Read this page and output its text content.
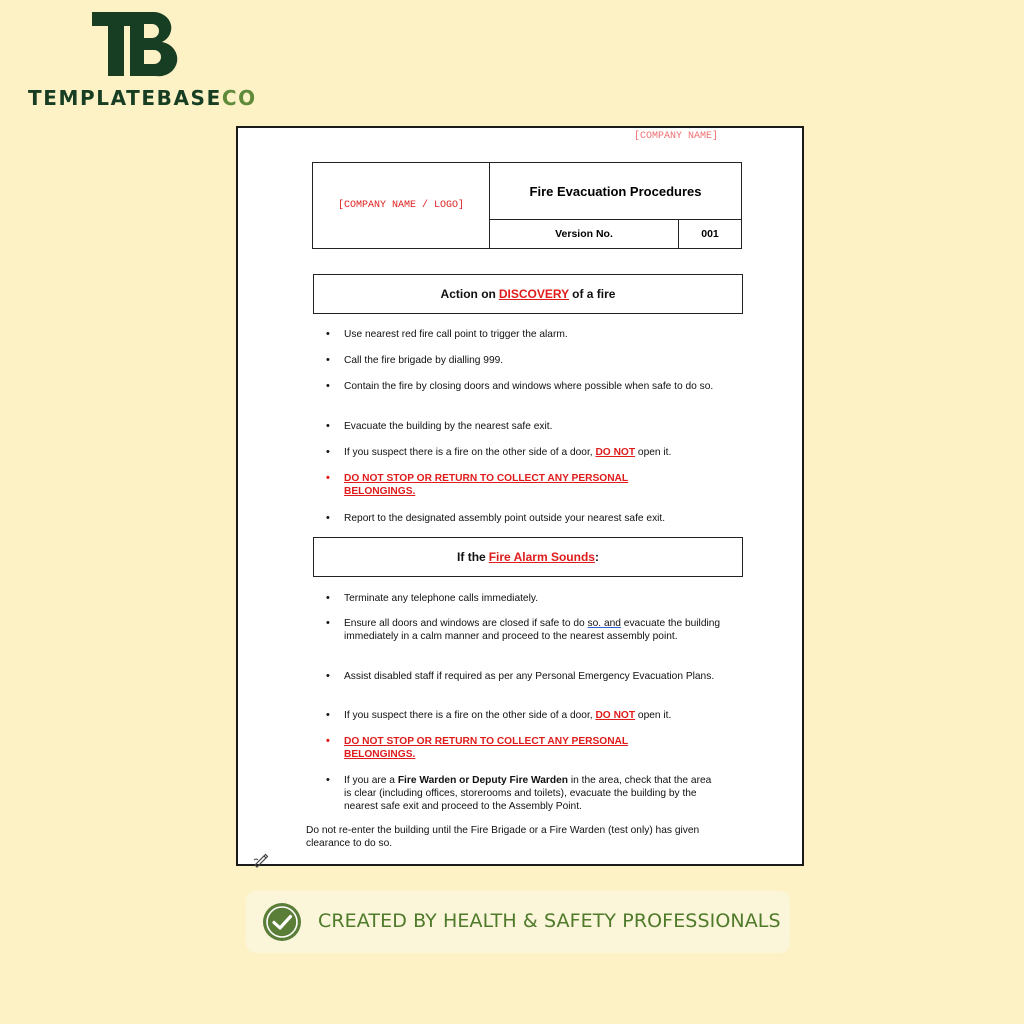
TEMPLATEBASECO
[COMPANY NAME]
[COMPANY NAME / LOGO]	Fire Evacuation Procedures	
	Version No.	001
Action on DISCOVERY of a fire
• Use nearest red fire call point to trigger the alarm.
• Call the fire brigade by dialling 999.
• Contain the fire by closing doors and windows where possible when safe to do so.
• Evacuate the building by the nearest safe exit.
• If you suspect there is a fire on the other side of a door, DO NOT open it.
• DO NOT STOP OR RETURN TO COLLECT ANY PERSONAL BELONGINGS.
• Report to the designated assembly point outside your nearest safe exit.
If the Fire Alarm Sounds :
• Terminate any telephone calls immediately.
• Ensure all doors and windows are closed if safe to do so. and evacuate the building immediately in a calm manner and proceed to the nearest assembly point.
• Assist disabled staff if required as per any Personal Emergency Evacuation Plans.
• If you suspect there is a fire on the other side of a door, DO NOT open it.
• DO NOT STOP OR RETURN TO COLLECT ANY PERSONAL BELONGINGS.
• If you are a Fire Warden or Deputy Fire Warden in the area, check that the area is clear (including offices, storerooms and toilets), evacuate the building by the nearest safe exit and proceed to the Assembly Point.
Do not re-enter the building until the Fire Brigade or a Fire Warden (test only) has given clearance to do so.
CREATED BY HEALTH & SAFETY PROFESSIONALS
